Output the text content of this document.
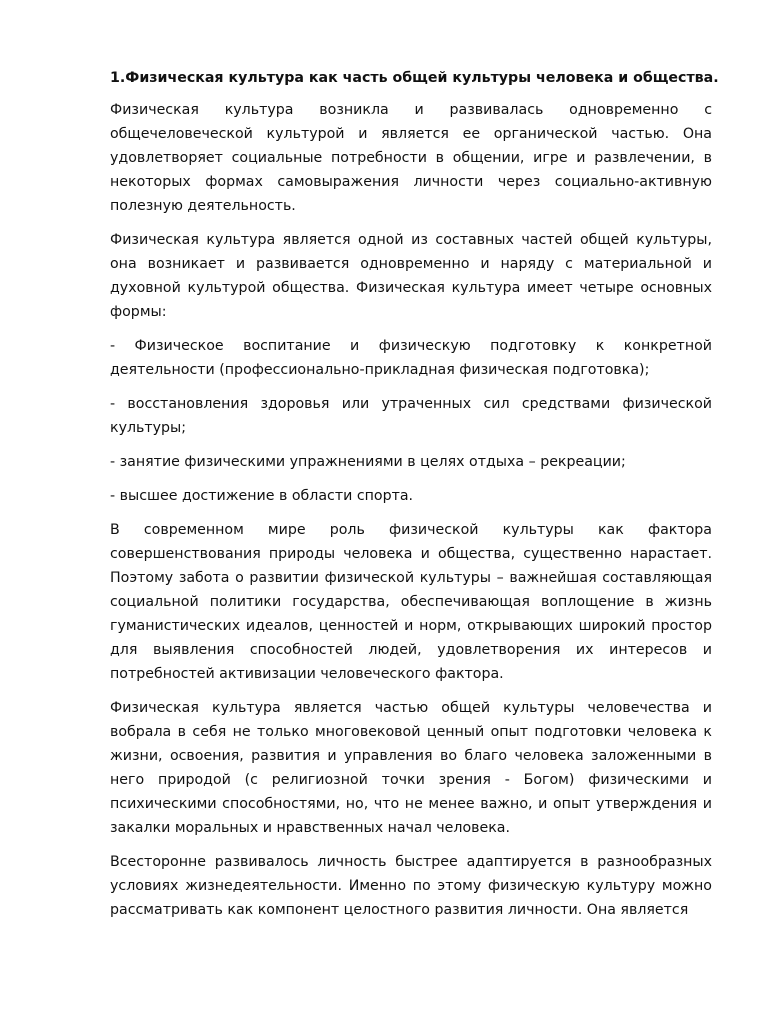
1.Физическая культура как часть общей культуры человека и общества.

Физическая культура возникла и развивалась одновременно с общечеловеческой культурой и является ее органической частью. Она удовлетворяет социальные потребности в общении, игре и развлечении, в некоторых формах самовыражения личности через социально-активную полезную деятельность.

Физическая культура является одной из составных частей общей культуры, она возникает и развивается одновременно и наряду с материальной и духовной культурой общества. Физическая культура имеет четыре основных формы:

- Физическое воспитание и физическую подготовку к конкретной деятельности (профессионально-прикладная физическая подготовка);

- восстановления здоровья или утраченных сил средствами физической культуры;

- занятие физическими упражнениями в целях отдыха – рекреации;

- высшее достижение в области спорта.

В современном мире роль физической культуры как фактора совершенствования природы человека и общества, существенно нарастает. Поэтому забота о развитии физической культуры – важнейшая составляющая социальной политики государства, обеспечивающая воплощение в жизнь гуманистических идеалов, ценностей и норм, открывающих широкий простор для выявления способностей людей, удовлетворения их интересов и потребностей активизации человеческого фактора.

Физическая культура является частью общей культуры человечества и вобрала в себя не только многовековой ценный опыт подготовки человека к жизни, освоения, развития и управления во благо человека заложенными в него природой (с религиозной точки зрения - Богом) физическими и психическими способностями, но, что не менее важно, и опыт утверждения и закалки моральных и нравственных начал человека.

Всесторонне развивалось личность быстрее адаптируется в разнообразных условиях жизнедеятельности. Именно по этому физическую культуру можно рассматривать как компонент целостного развития личности. Она является
